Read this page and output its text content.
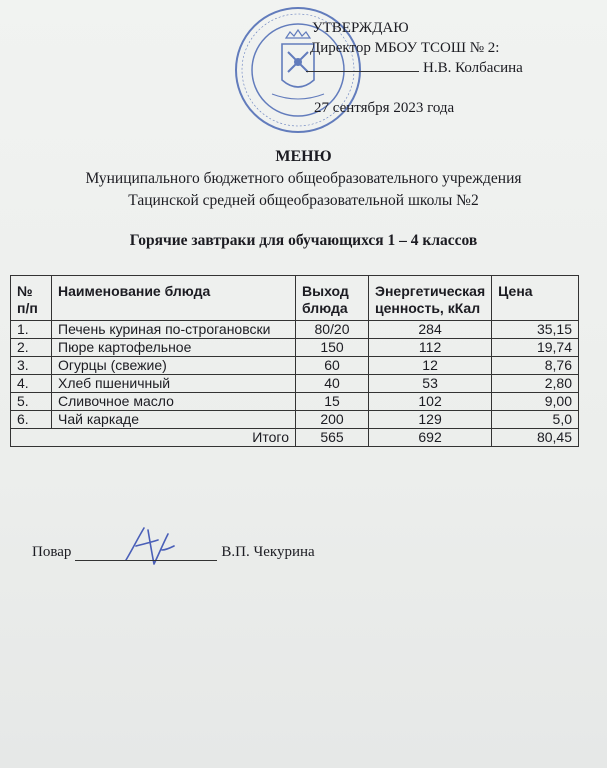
УТВЕРЖДАЮ
Директор МБОУ ТСОШ № 2:
Н.В. Колбасина
27 сентября 2023 года
МЕНЮ
Муниципального бюджетного общеобразовательного учреждения
Тацинской средней общеобразовательной школы №2
Горячие завтраки для обучающихся 1 – 4 классов
№ п/п	Наименование блюда	Выход блюда	Энергетическая ценность, кКал	Цена
1.	Печень куриная по-строгановски	80/20	284	35,15
2.	Пюре картофельное	150	112	19,74
3.	Огурцы (свежие)	60	12	8,76
4.	Хлеб пшеничный	40	53	2,80
5.	Сливочное масло	15	102	9,00
6.	Чай каркаде	200	129	5,0
Итого		565	692	80,45
Повар	В.П. Чекурина
